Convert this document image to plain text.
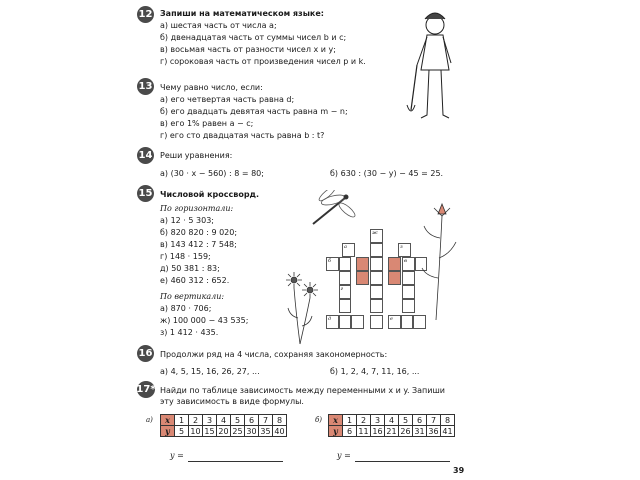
12 Запиши на математическом языке:
а) шестая часть от числа a;
б) двенадцатая часть от суммы чисел b и c;
в) восьмая часть от разности чисел x и y;
г) сороковая часть от произведения чисел p и k.
13 Чему равно число, если:
а) его четвертая часть равна d;
б) его двадцать девятая часть равна m − n;
в) его 1% равен a − c;
г) его сто двадцатая часть равна b : t?
14 Реши уравнения:
а) (30 · x − 560) : 8 = 80;	б) 630 : (30 − y) − 45 = 25.
15 Числовой кроссворд.
По горизонтали:
а) 12 · 5 303;
б) 820 820 : 9 020;
в) 143 412 : 7 548;
г) 148 · 159;
д) 50 381 : 83;
е) 460 312 : 652.
По вертикали:
а) 870 · 706;
ж) 100 000 − 43 535;
з) 1 412 · 435.
ж
а	з
б	в
г
д	е
16 Продолжи ряд на 4 числа, сохраняя закономерность:
а) 4, 5, 15, 16, 26, 27, ...	б) 1, 2, 4, 7, 11, 16, ...
17* Найди по таблице зависимость между переменными x и y. Запиши
эту зависимость в виде формулы.
а) x	1	2	3	4	5	6	7	8
y	5	10	15	20	25	30	35	40
б) x	1	2	3	4	5	6	7	8
y	6	11	16	21	26	31	36	41
y =	y =
39
